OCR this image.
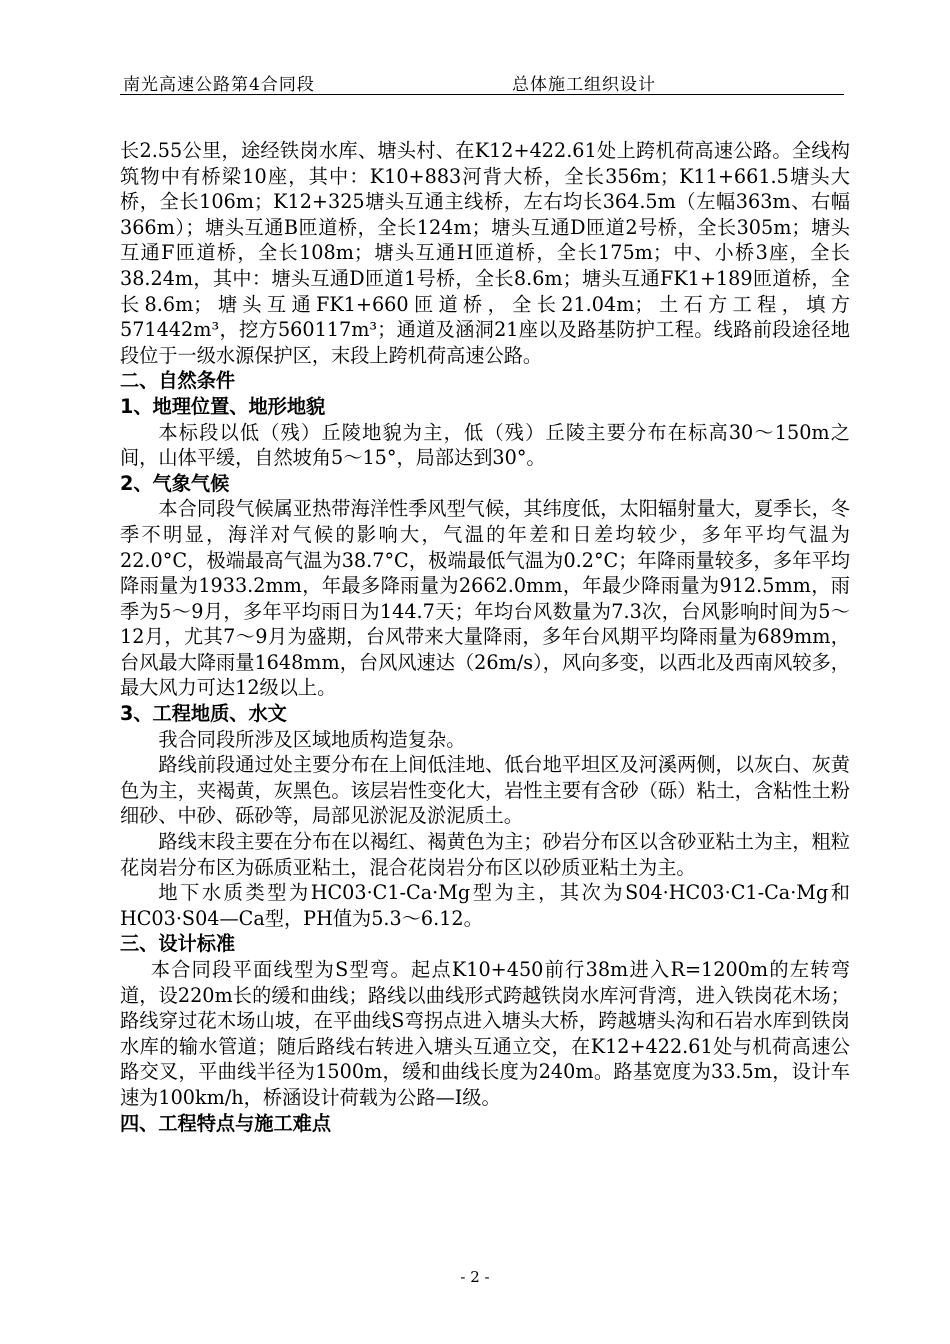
南光高速公路第4合同段	总体施工组织设计

长2.55公里，途经铁岗水库、塘头村、在K12+422.61处上跨机荷高速公路。全线构筑物中有桥梁10座，其中：K10+883河背大桥，全长356m；K11+661.5塘头大桥，全长106m；K12+325塘头互通主线桥，左右均长364.5m（左幅363m、右幅366m）；塘头互通B匝道桥，全长124m；塘头互通D匝道2号桥，全长305m；塘头互通F匝道桥，全长108m；塘头互通H匝道桥，全长175m；中、小桥3座，全长38.24m，其中：塘头互通D匝道1号桥，全长8.6m；塘头互通FK1+189匝道桥，全长8.6m；塘头互通FK1+660匝道桥，全长21.04m；土石方工程，填方571442m³，挖方560117m³；通道及涵洞21座以及路基防护工程。线路前段途径地段位于一级水源保护区，末段上跨机荷高速公路。

二、自然条件
1、地理位置、地形地貌

本标段以低（残）丘陵地貌为主，低（残）丘陵主要分布在标高30～150m之间，山体平缓，自然坡角5～15°，局部达到30°。

2、气象气候

本合同段气候属亚热带海洋性季风型气候，其纬度低，太阳辐射量大，夏季长，冬季不明显，海洋对气候的影响大，气温的年差和日差均较少，多年平均气温为22.0°C，极端最高气温为38.7°C，极端最低气温为0.2°C；年降雨量较多，多年平均降雨量为1933.2mm，年最多降雨量为2662.0mm，年最少降雨量为912.5mm，雨季为5～9月，多年平均雨日为144.7天；年均台风数量为7.3次，台风影响时间为5～12月，尤其7～9月为盛期，台风带来大量降雨，多年台风期平均降雨量为689mm，台风最大降雨量1648mm，台风风速达（26m/s），风向多变，以西北及西南风较多，最大风力可达12级以上。

3、工程地质、水文

我合同段所涉及区域地质构造复杂。

路线前段通过处主要分布在上间低洼地、低台地平坦区及河溪两侧，以灰白、灰黄色为主，夹褐黄，灰黑色。该层岩性变化大，岩性主要有含砂（砾）粘土，含粘性土粉细砂、中砂、砾砂等，局部见淤泥及淤泥质土。

路线末段主要在分布在以褐红、褐黄色为主；砂岩分布区以含砂亚粘土为主，粗粒花岗岩分布区为砾质亚粘土，混合花岗岩分布区以砂质亚粘土为主。

地下水质类型为HC03·C1-Ca·Mg型为主，其次为S04·HC03·C1-Ca·Mg和HC03·S04—Ca型，PH值为5.3～6.12。

三、设计标准

本合同段平面线型为S型弯。起点K10+450前行38m进入R=1200m的左转弯道，设220m长的缓和曲线；路线以曲线形式跨越铁岗水库河背湾，进入铁岗花木场；路线穿过花木场山坡，在平曲线S弯拐点进入塘头大桥，跨越塘头沟和石岩水库到铁岗水库的输水管道；随后路线右转进入塘头互通立交，在K12+422.61处与机荷高速公路交叉，平曲线半径为1500m，缓和曲线长度为240m。路基宽度为33.5m，设计车速为100km/h，桥涵设计荷载为公路—Ⅰ级。

四、工程特点与施工难点
- 2 -
